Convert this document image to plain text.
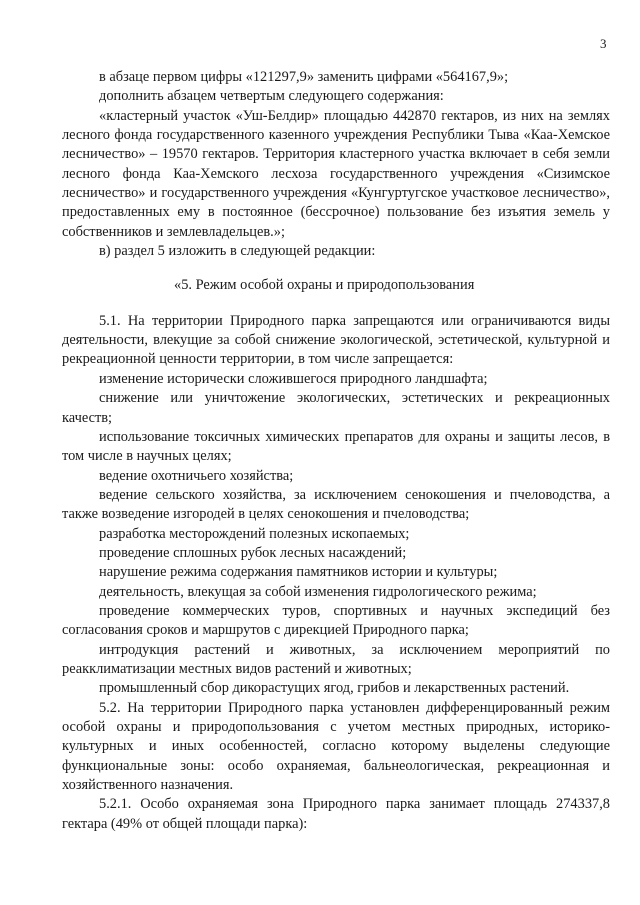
3

в абзаце первом цифры «121297,9» заменить цифрами «564167,9»;

дополнить абзацем четвертым следующего содержания:

«кластерный участок «Уш-Белдир» площадью 442870 гектаров, из них на землях лесного фонда государственного казенного учреждения Республики Тыва «Каа-Хемское лесничество» – 19570 гектаров. Территория кластерного участка включает в себя земли лесного фонда Каа-Хемского лесхоза государственного учреждения «Сизимское лесничество» и государственного учреждения «Кунгуртугское участковое лесничество», предоставленных ему в постоянное (бессрочное) пользование без изъятия земель у собственников и землевладельцев.»;

в) раздел 5 изложить в следующей редакции:

«5. Режим особой охраны и природопользования

5.1. На территории Природного парка запрещаются или ограничиваются виды деятельности, влекущие за собой снижение экологической, эстетической, культурной и рекреационной ценности территории, в том числе запрещается:

изменение исторически сложившегося природного ландшафта;

снижение или уничтожение экологических, эстетических и рекреационных качеств;

использование токсичных химических препаратов для охраны и защиты лесов, в том числе в научных целях;

ведение охотничьего хозяйства;

ведение сельского хозяйства, за исключением сенокошения и пчеловодства, а также возведение изгородей в целях сенокошения и пчеловодства;

разработка месторождений полезных ископаемых;

проведение сплошных рубок лесных насаждений;

нарушение режима содержания памятников истории и культуры;

деятельность, влекущая за собой изменения гидрологического режима;

проведение коммерческих туров, спортивных и научных экспедиций без согласования сроков и маршрутов с дирекцией Природного парка;

интродукция растений и животных, за исключением мероприятий по реакклиматизации местных видов растений и животных;

промышленный сбор дикорастущих ягод, грибов и лекарственных растений.

5.2. На территории Природного парка установлен дифференцированный режим особой охраны и природопользования с учетом местных природных, историко-культурных и иных особенностей, согласно которому выделены следующие функциональные зоны: особо охраняемая, бальнеологическая, рекреационная и хозяйственного назначения.

5.2.1. Особо охраняемая зона Природного парка занимает площадь 274337,8 гектара (49% от общей площади парка):
